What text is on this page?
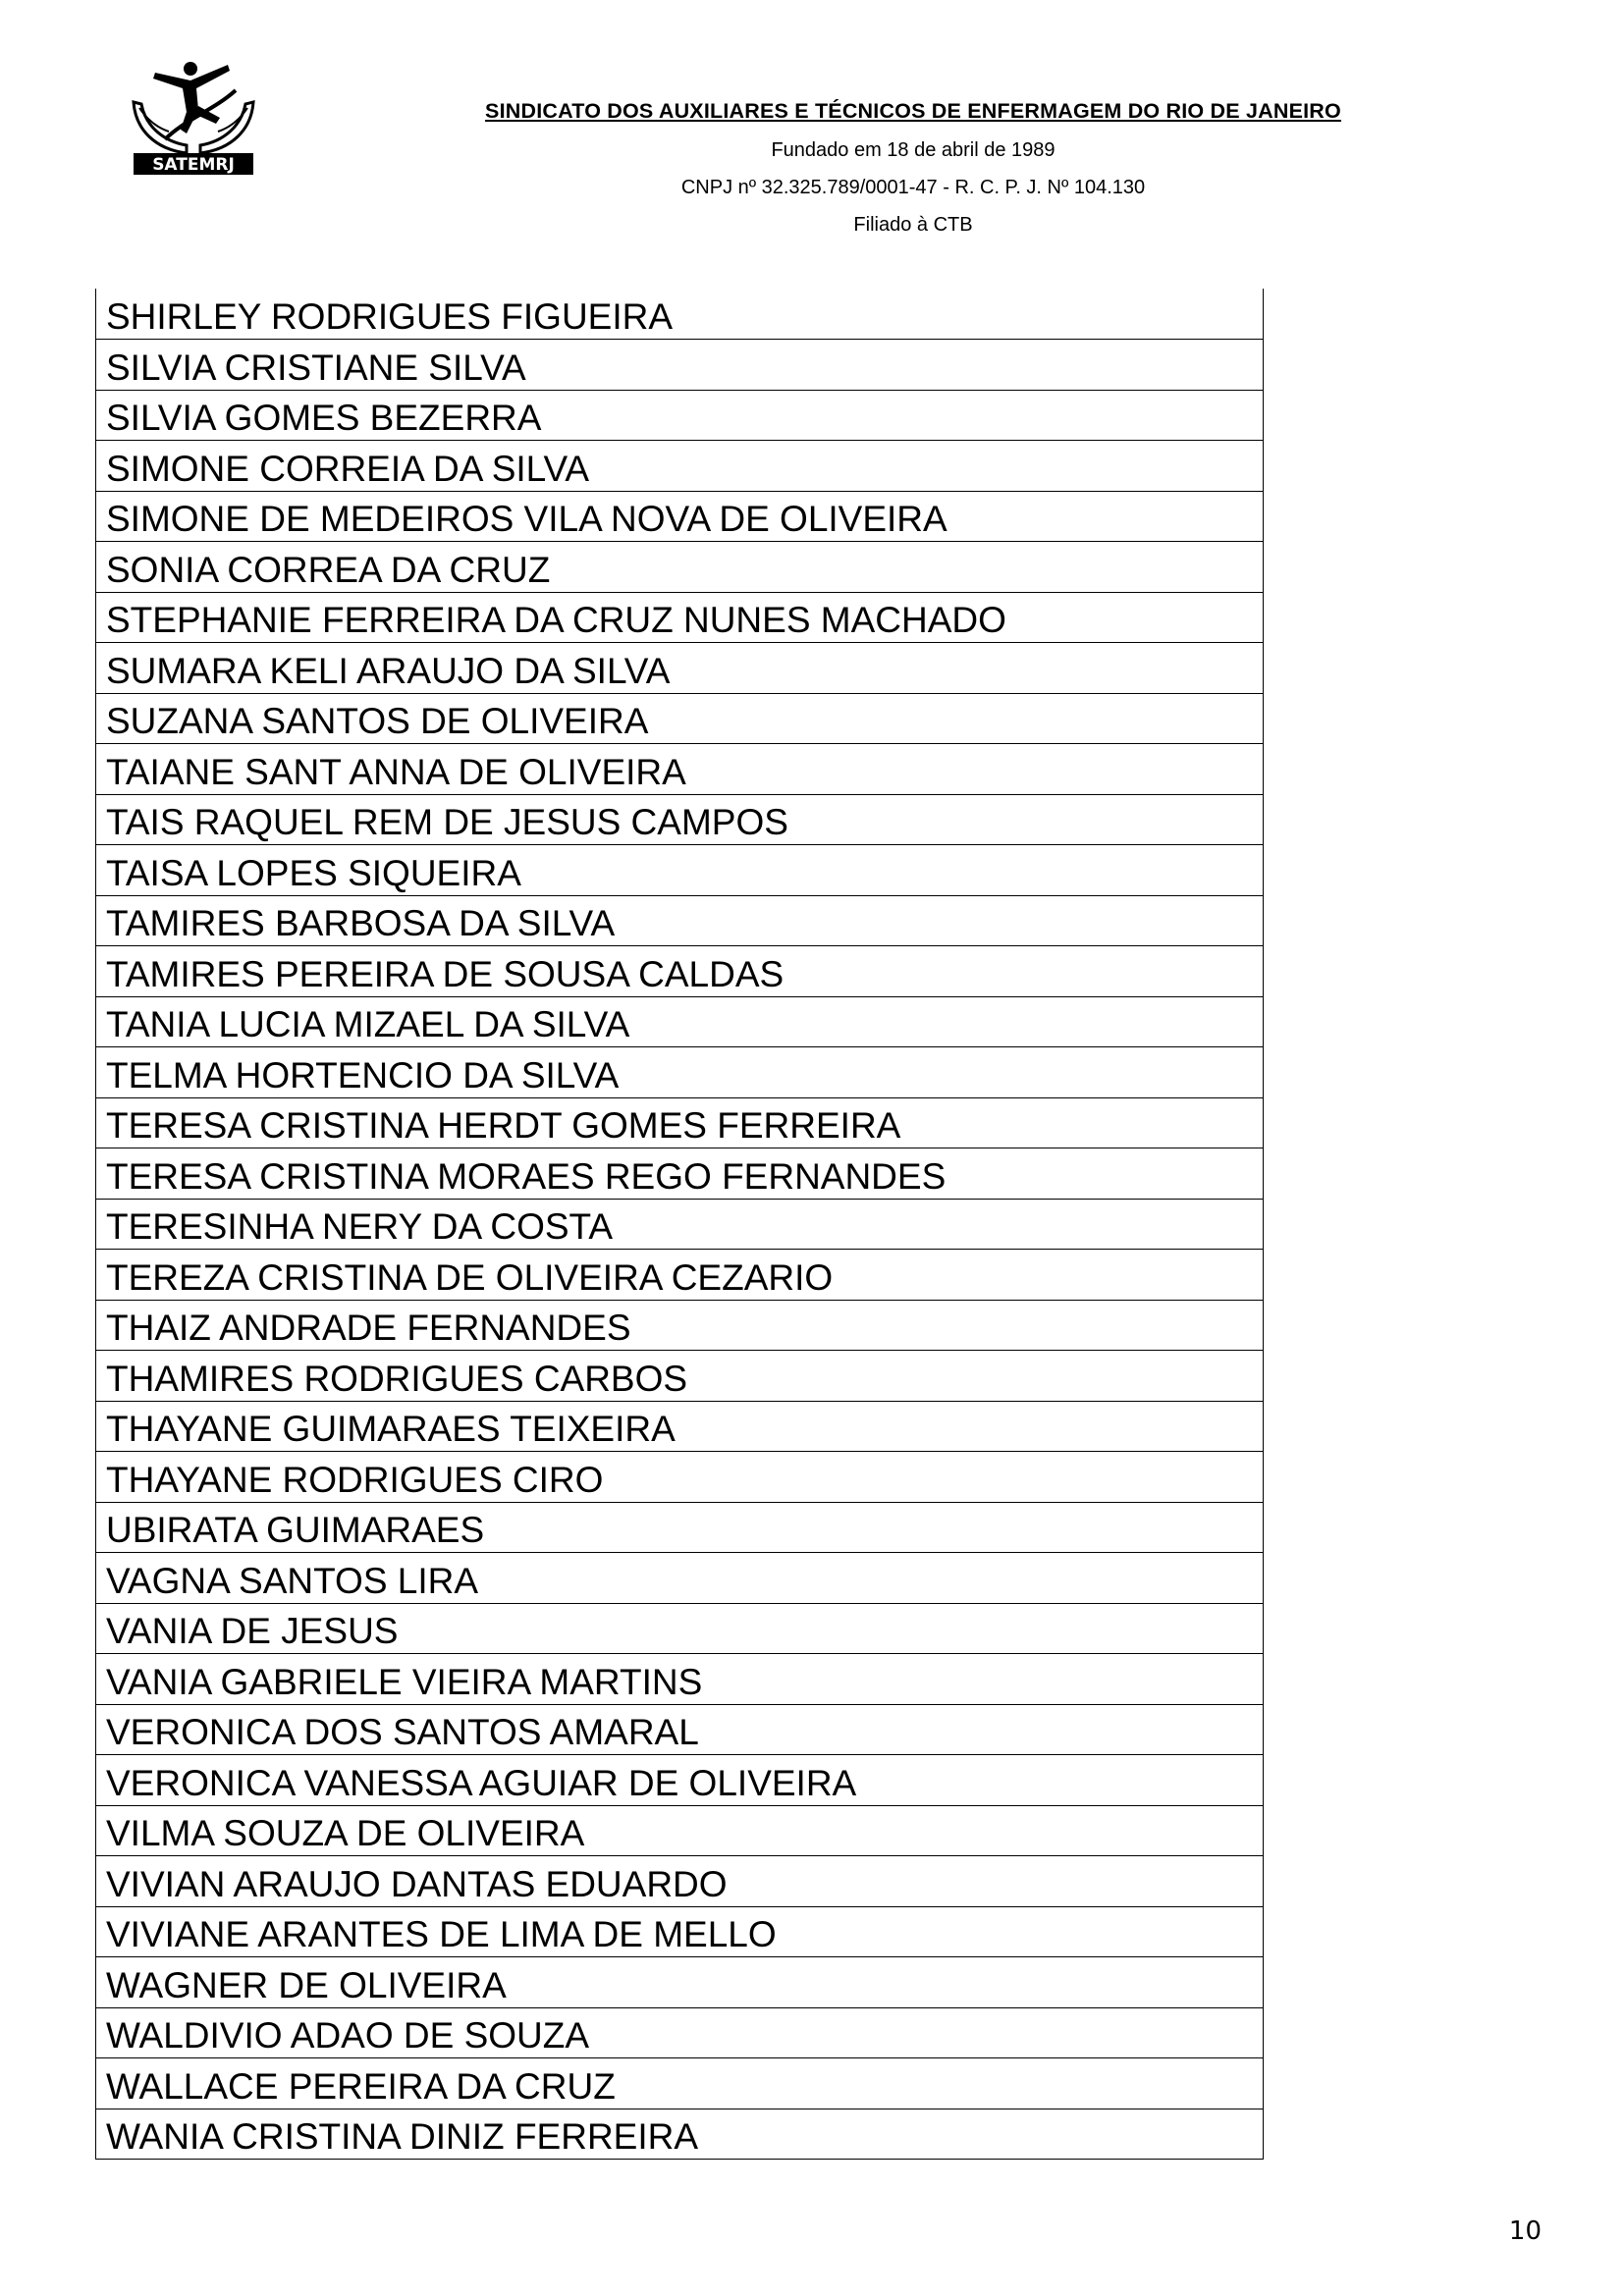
SATEMRJ

SINDICATO DOS AUXILIARES E TÉCNICOS DE ENFERMAGEM DO RIO DE JANEIRO

Fundado em 18 de abril de 1989

CNPJ nº 32.325.789/0001-47 - R. C. P. J. Nº 104.130

Filiado à CTB

SHIRLEY RODRIGUES FIGUEIRA
SILVIA CRISTIANE SILVA
SILVIA GOMES BEZERRA
SIMONE CORREIA DA SILVA
SIMONE DE MEDEIROS VILA NOVA DE OLIVEIRA
SONIA CORREA DA CRUZ
STEPHANIE FERREIRA DA CRUZ NUNES MACHADO
SUMARA KELI ARAUJO DA SILVA
SUZANA SANTOS DE OLIVEIRA
TAIANE SANT ANNA DE OLIVEIRA
TAIS RAQUEL REM DE JESUS CAMPOS
TAISA LOPES SIQUEIRA
TAMIRES BARBOSA DA SILVA
TAMIRES PEREIRA DE SOUSA CALDAS
TANIA LUCIA MIZAEL DA SILVA
TELMA HORTENCIO DA SILVA
TERESA CRISTINA HERDT GOMES FERREIRA
TERESA CRISTINA MORAES REGO FERNANDES
TERESINHA NERY DA COSTA
TEREZA CRISTINA DE OLIVEIRA CEZARIO
THAIZ ANDRADE FERNANDES
THAMIRES RODRIGUES CARBOS
THAYANE GUIMARAES TEIXEIRA
THAYANE RODRIGUES CIRO
UBIRATA GUIMARAES
VAGNA SANTOS LIRA
VANIA DE JESUS
VANIA GABRIELE VIEIRA MARTINS
VERONICA DOS SANTOS AMARAL
VERONICA VANESSA AGUIAR DE OLIVEIRA
VILMA SOUZA DE OLIVEIRA
VIVIAN ARAUJO DANTAS EDUARDO
VIVIANE ARANTES DE LIMA DE MELLO
WAGNER DE OLIVEIRA
WALDIVIO ADAO DE SOUZA
WALLACE PEREIRA DA CRUZ
WANIA CRISTINA DINIZ FERREIRA
10
